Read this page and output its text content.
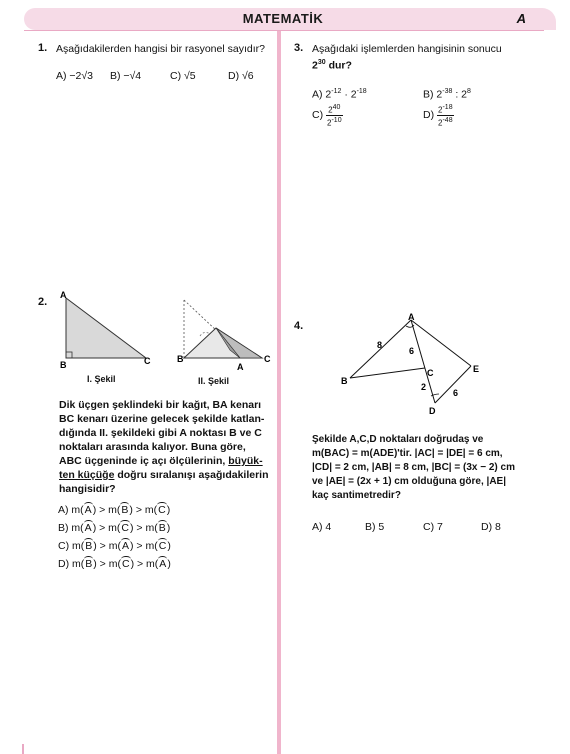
MATEMATİK	A
1. Aşağıdakilerden hangisi bir rasyonel sayıdır?
A) −2√3 B) −√4	C) √5	D) √6
3. Aşağıdaki işlemlerden hangisinin sonucu
$2^{30}$ dur?
A) $2^{-12} \cdot 2^{-18}$	B) $2^{-38}$ : $2^8$
$C) \frac{2^{40}}{2^{-10}}$	$D) \frac{2^{-18}}{2^{-48}}$
2.
A
B	C
I. Şekil
B
A
C
II. Şekil
Dik üçgen şeklindeki bir kağıt, BA kenarı
BC kenarı üzerine gelecek şekilde katlan-
dığında II. şekildeki gibi A noktası B ve C
noktaları arasında kalıyor. Buna göre,
ABC üçgeninde iç açı ölçülerinin, büyük-
ten küçüğe doğru sıralanışı aşağıdakilerin
hangisidir?
A) m(A) > m(B) > m(C)
B) m(A) > m(C) > m(B)
C) m(B) > m(A) > m(C)
D) m(B) > m(C) > m(A)
4.
A
B
C
D
E
8
6
2
6
Şekilde A,C,D noktaları doğrudaş ve
m(BAC) = m(ADE)'tir. |AC| = |DE| = 6 cm,
|CD| = 2 cm, |AB| = 8 cm, |BC| = (3x − 2) cm
ve |AE| = (2x + 1) cm olduğuna göre, |AE|
kaç santimetredir?
A) 4	B) 5	C) 7	D) 8
